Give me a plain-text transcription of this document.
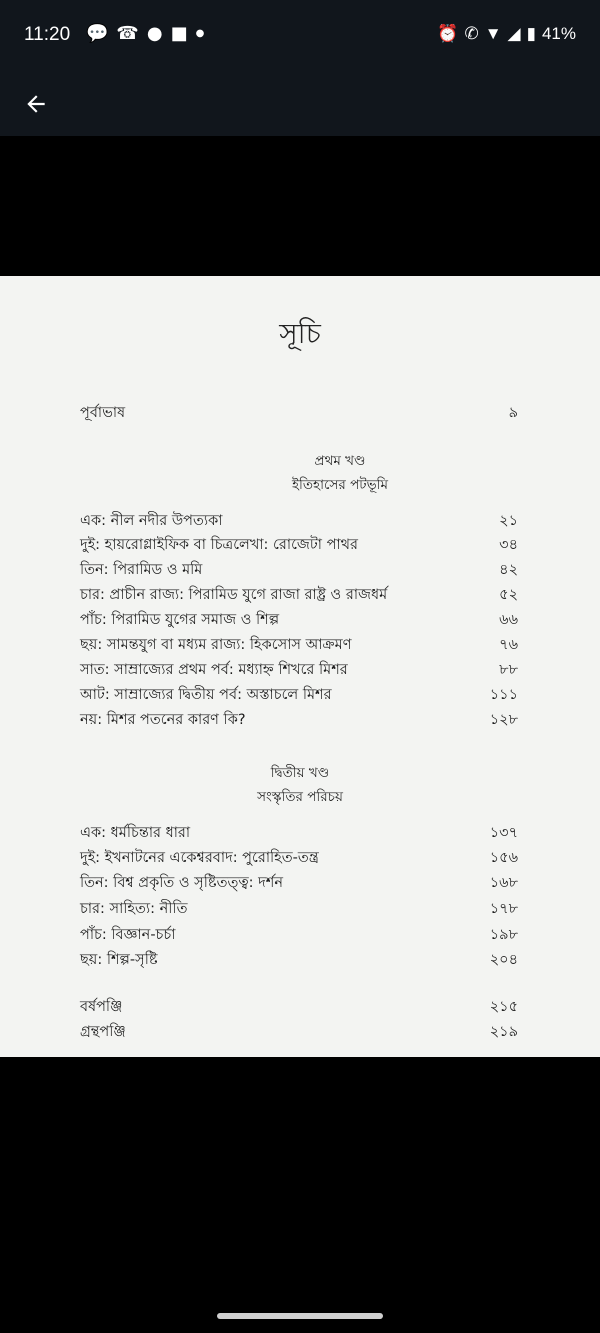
11:20 💬 ☎ ● ■ ●	⏰ ✆ ▼ ◢ ▮ 41%
সূচি
পূর্বাভাষ	৯
প্রথম খণ্ড
ইতিহাসের পটভূমি
এক: নীল নদীর উপত্যকা	২১
দুই: হায়রোগ্লাইফিক বা চিত্রলেখা: রোজেটা পাথর	৩৪
তিন: পিরামিড ও মমি	৪২
চার: প্রাচীন রাজ্য: পিরামিড যুগে রাজা রাষ্ট্র ও রাজধর্ম	৫২
পাঁচ: পিরামিড যুগের সমাজ ও শিল্প	৬৬
ছয়: সামন্তযুগ বা মধ্যম রাজ্য: হিকসোস আক্রমণ	৭৬
সাত: সাম্রাজ্যের প্রথম পর্ব: মধ্যাহ্ন শিখরে মিশর	৮৮
আট: সাম্রাজ্যের দ্বিতীয় পর্ব: অস্তাচলে মিশর	১১১
নয়: মিশর পতনের কারণ কি?	১২৮
দ্বিতীয় খণ্ড
সংস্কৃতির পরিচয়
এক: ধর্মচিন্তার ধারা	১৩৭
দুই: ইখনাটনের একেশ্বরবাদ: পুরোহিত-তন্ত্র	১৫৬
তিন: বিশ্ব প্রকৃতি ও সৃষ্টিতত্ত্ব: দর্শন	১৬৮
চার: সাহিত্য: নীতি	১৭৮
পাঁচ: বিজ্ঞান-চর্চা	১৯৮
ছয়: শিল্প-সৃষ্টি	২০৪
বর্ষপঞ্জি	২১৫
গ্রন্থপঞ্জি	২১৯
